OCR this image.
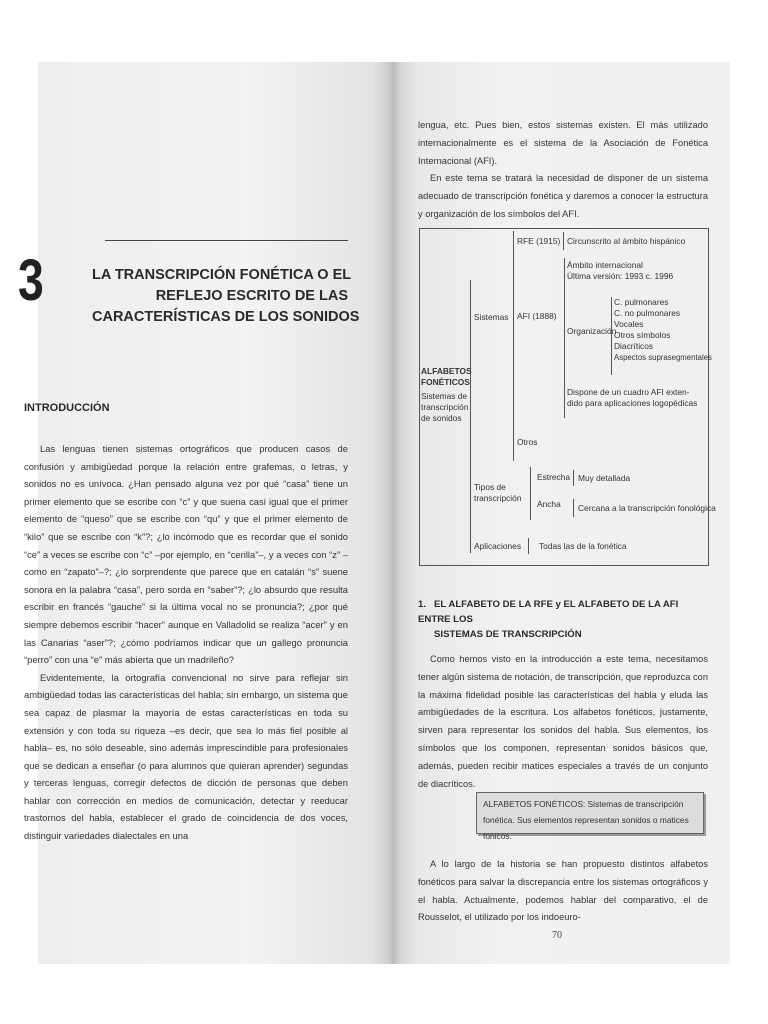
3	LA TRANSCRIPCIÓN FONÉTICA O EL
REFLEJO ESCRITO DE LAS
CARACTERÍSTICAS DE LOS SONIDOS
INTRODUCCIÓN

Las lenguas tienen sistemas ortográficos que producen casos de confusión y ambigüedad porque la relación entre grafemas, o letras, y sonidos no es unívoca. ¿Han pensado alguna vez por qué “casa” tiene un primer elemento que se escribe con “c” y que suena casi igual que el primer elemento de “queso” que se escribe con “qu” y que el primer elemento de “kilo” que se escribe con “k”?; ¿lo incómodo que es recordar que el sonido “ce” a veces se escribe con “c” –por ejemplo, en “cerilla”–, y a veces con “z” –como en “zapato”–?; ¿lo sorprendente que parece que en catalán “s” suene sonora en la palabra “casa”, pero sorda en “saber”?; ¿lo absurdo que resulta escribir en francés “gauche” si la última vocal no se pronuncia?; ¿por qué siempre debemos escribir “hacer” aunque en Valladolid se realiza “acer” y en las Canarias “aser”?; ¿cómo podríamos indicar que un gallego pronuncia “perro” con una “e” más abierta que un madrileño?

Evidentemente, la ortografía convencional no sirve para reflejar sin ambigüedad todas las características del habla; sin embargo, un sistema que sea capaz de plasmar la mayoría de estas características en toda su extensión y con toda su riqueza –es decir, que sea lo más fiel posible al habla– es, no sólo deseable, sino además imprescindible para profesionales que se dedican a enseñar (o para alumnos que quieran aprender) segundas y terceras lenguas, corregir defectos de dicción de personas que deben hablar con corrección en medios de comunicación, detectar y reeducar trastornos del habla, establecer el grado de coincidencia de dos voces, distinguir variedades dialectales en una

lengua, etc. Pues bien, estos sistemas existen. El más utilizado internacionalmente es el sistema de la Asociación de Fonética Internacional (AFI).

En este tema se tratará la necesidad de disponer de un sistema adecuado de transcripción fonética y daremos a conocer la estructura y organización de los símbolos del AFI.

ALFABETOS
FONÉTICOS
Sistemas de
transcripción
de sonidos
Sistemas
RFE (1915) Circunscrito al ámbito hispánico
AFI (1888)
Ámbito internacional
Última versión: 1993 c. 1996
Organización
C. pulmonares
C. no pulmonares
Vocales
Otros símbolos
Diacríticos
Aspectos suprasegmentales
Dispone de un cuadro AFI exten-
dido para aplicaciones logopédicas
Otros
Tipos de
transcripción
Estrecha Muy detallada
Ancha Cercana a la transcripción fonológica
Aplicaciones Todas las de la fonética
1. EL ALFABETO DE LA RFE y EL ALFABETO DE LA AFI ENTRE LOS
SISTEMAS DE TRANSCRIPCIÓN

Como hemos visto en la introducción a este tema, necesitamos tener algún sistema de notación, de transcripción, que reproduzca con la máxima fidelidad posible las características del habla y eluda las ambigüedades de la escritura. Los alfabetos fonéticos, justamente, sirven para representar los sonidos del habla. Sus elementos, los símbolos que los componen, representan sonidos básicos que, además, pueden recibir matices especiales a través de un conjunto de diacríticos.

ALFABETOS FONÉTICOS: Sistemas de transcripción fonética. Sus elementos representan sonidos o matices fónicos.

A lo largo de la historia se han propuesto distintos alfabetos fonéticos para salvar la discrepancia entre los sistemas ortográficos y el habla. Actualmente, podemos hablar del comparativo, el de Rousselot, el utilizado por los indoeuro-

70
